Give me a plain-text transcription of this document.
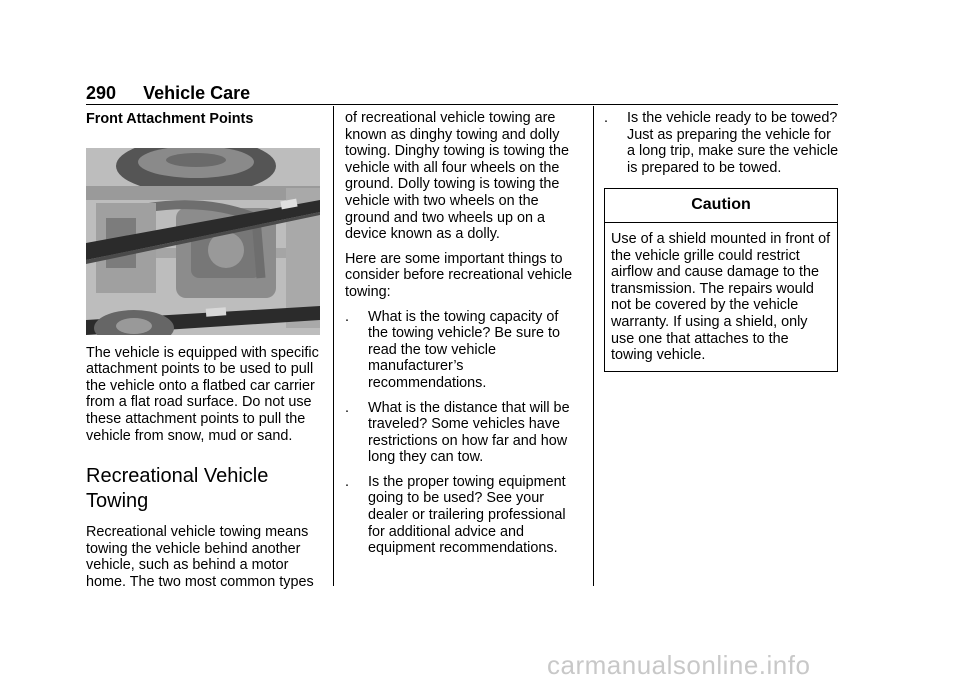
290 Vehicle Care
Front Attachment Points

The vehicle is equipped with specific attachment points to be used to pull the vehicle onto a flatbed car carrier from a flat road surface. Do not use these attachment points to pull the vehicle from snow, mud or sand.

Recreational Vehicle
Towing

Recreational vehicle towing means towing the vehicle behind another vehicle, such as behind a motor home. The two most common types

of recreational vehicle towing are known as dinghy towing and dolly towing. Dinghy towing is towing the vehicle with all four wheels on the ground. Dolly towing is towing the vehicle with two wheels on the ground and two wheels up on a device known as a dolly.

Here are some important things to consider before recreational vehicle towing:

. What is the towing capacity of the towing vehicle? Be sure to read the tow vehicle manufacturer’s recommendations.
. What is the distance that will be traveled? Some vehicles have restrictions on how far and how long they can tow.
. Is the proper towing equipment going to be used? See your dealer or trailering professional for additional advice and equipment recommendations.
. Is the vehicle ready to be towed? Just as preparing the vehicle for a long trip, make sure the vehicle is prepared to be towed.
Caution
Use of a shield mounted in front of the vehicle grille could restrict airflow and cause damage to the transmission. The repairs would not be covered by the vehicle warranty. If using a shield, only use one that attaches to the towing vehicle.
carmanualsonline.info
